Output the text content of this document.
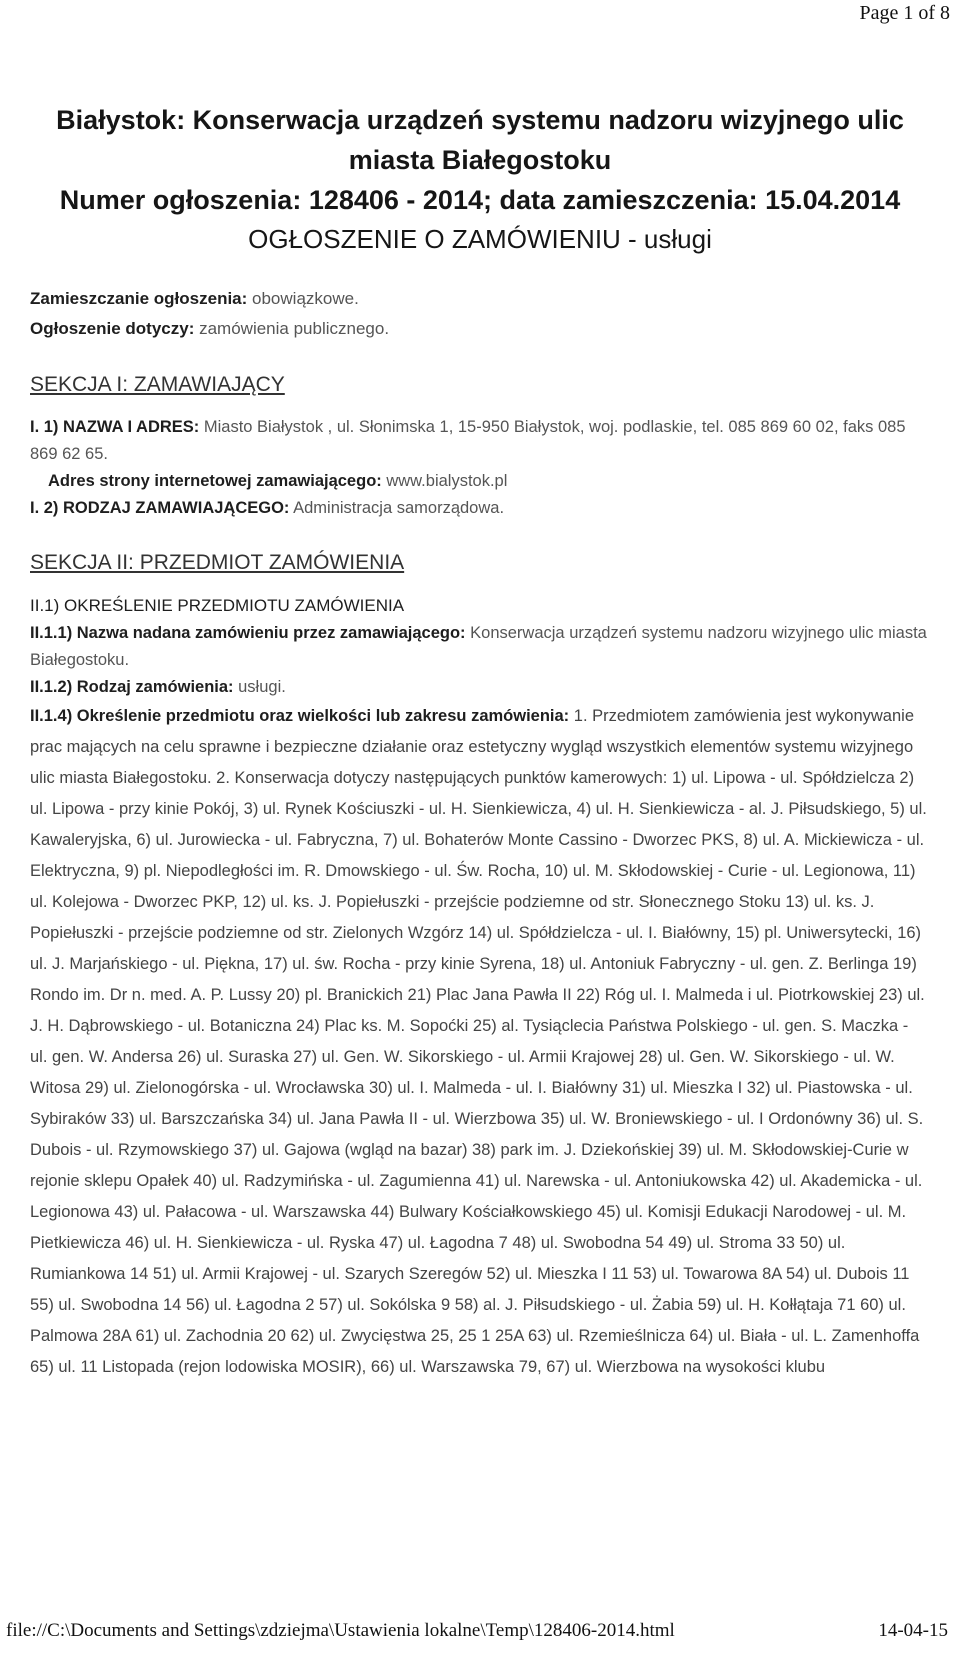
Page 1 of 8
Białystok: Konserwacja urządzeń systemu nadzoru wizyjnego ulic
miasta Białegostoku
Numer ogłoszenia: 128406 - 2014; data zamieszczenia: 15.04.2014
OGŁOSZENIE O ZAMÓWIENIU - usługi
Zamieszczanie ogłoszenia: obowiązkowe.
Ogłoszenie dotyczy: zamówienia publicznego.
SEKCJA I: ZAMAWIAJĄCY

I. 1) NAZWA I ADRES: Miasto Białystok , ul. Słonimska 1, 15-950 Białystok, woj. podlaskie, tel. 085 869 60 02, faks 085 869 62 65.

Adres strony internetowej zamawiającego: www.bialystok.pl

I. 2) RODZAJ ZAMAWIAJĄCEGO: Administracja samorządowa.

SEKCJA II: PRZEDMIOT ZAMÓWIENIA
II.1) OKREŚLENIE PRZEDMIOTU ZAMÓWIENIA

II.1.1) Nazwa nadana zamówieniu przez zamawiającego: Konserwacja urządzeń systemu nadzoru wizyjnego ulic miasta Białegostoku.

II.1.2) Rodzaj zamówienia: usługi.

II.1.4) Określenie przedmiotu oraz wielkości lub zakresu zamówienia: 1. Przedmiotem zamówienia jest wykonywanie prac mających na celu sprawne i bezpieczne działanie oraz estetyczny wygląd wszystkich elementów systemu wizyjnego ulic miasta Białegostoku. 2. Konserwacja dotyczy następujących punktów kamerowych: 1) ul. Lipowa - ul. Spółdzielcza 2) ul. Lipowa - przy kinie Pokój, 3) ul. Rynek Kościuszki - ul. H. Sienkiewicza, 4) ul. H. Sienkiewicza - al. J. Piłsudskiego, 5) ul. Kawaleryjska, 6) ul. Jurowiecka - ul. Fabryczna, 7) ul. Bohaterów Monte Cassino - Dworzec PKS, 8) ul. A. Mickiewicza - ul. Elektryczna, 9) pl. Niepodległości im. R. Dmowskiego - ul. Św. Rocha, 10) ul. M. Skłodowskiej - Curie - ul. Legionowa, 11) ul. Kolejowa - Dworzec PKP, 12) ul. ks. J. Popiełuszki - przejście podziemne od str. Słonecznego Stoku 13) ul. ks. J. Popiełuszki - przejście podziemne od str. Zielonych Wzgórz 14) ul. Spółdzielcza - ul. I. Białówny, 15) pl. Uniwersytecki, 16) ul. J. Marjańskiego - ul. Piękna, 17) ul. św. Rocha - przy kinie Syrena, 18) ul. Antoniuk Fabryczny - ul. gen. Z. Berlinga 19) Rondo im. Dr n. med. A. P. Lussy 20) pl. Branickich 21) Plac Jana Pawła II 22) Róg ul. I. Malmeda i ul. Piotrkowskiej 23) ul. J. H. Dąbrowskiego - ul. Botaniczna 24) Plac ks. M. Sopoćki 25) al. Tysiąclecia Państwa Polskiego - ul. gen. S. Maczka - ul. gen. W. Andersa 26) ul. Suraska 27) ul. Gen. W. Sikorskiego - ul. Armii Krajowej 28) ul. Gen. W. Sikorskiego - ul. W. Witosa 29) ul. Zielonogórska - ul. Wrocławska 30) ul. I. Malmeda - ul. I. Białówny 31) ul. Mieszka I 32) ul. Piastowska - ul. Sybiraków 33) ul. Barszczańska 34) ul. Jana Pawła II - ul. Wierzbowa 35) ul. W. Broniewskiego - ul. I Ordonówny 36) ul. S. Dubois - ul. Rzymowskiego 37) ul. Gajowa (wgląd na bazar) 38) park im. J. Dziekońskiej 39) ul. M. Skłodowskiej-Curie w rejonie sklepu Opałek 40) ul. Radzymińska - ul. Zagumienna 41) ul. Narewska - ul. Antoniukowska 42) ul. Akademicka - ul. Legionowa 43) ul. Pałacowa - ul. Warszawska 44) Bulwary Kościałkowskiego 45) ul. Komisji Edukacji Narodowej - ul. M. Pietkiewicza 46) ul. H. Sienkiewicza - ul. Ryska 47) ul. Łagodna 7 48) ul. Swobodna 54 49) ul. Stroma 33 50) ul. Rumiankowa 14 51) ul. Armii Krajowej - ul. Szarych Szeregów 52) ul. Mieszka I 11 53) ul. Towarowa 8A 54) ul. Dubois 11 55) ul. Swobodna 14 56) ul. Łagodna 2 57) ul. Sokólska 9 58) al. J. Piłsudskiego - ul. Żabia 59) ul. H. Kołłątaja 71 60) ul. Palmowa 28A 61) ul. Zachodnia 20 62) ul. Zwycięstwa 25, 25 1 25A 63) ul. Rzemieślnicza 64) ul. Biała - ul. L. Zamenhoffa 65) ul. 11 Listopada (rejon lodowiska MOSIR), 66) ul. Warszawska 79, 67) ul. Wierzbowa na wysokości klubu

file://C:\Documents and Settings\zdziejma\Ustawienia lokalne\Temp\128406-2014.html	14-04-15
